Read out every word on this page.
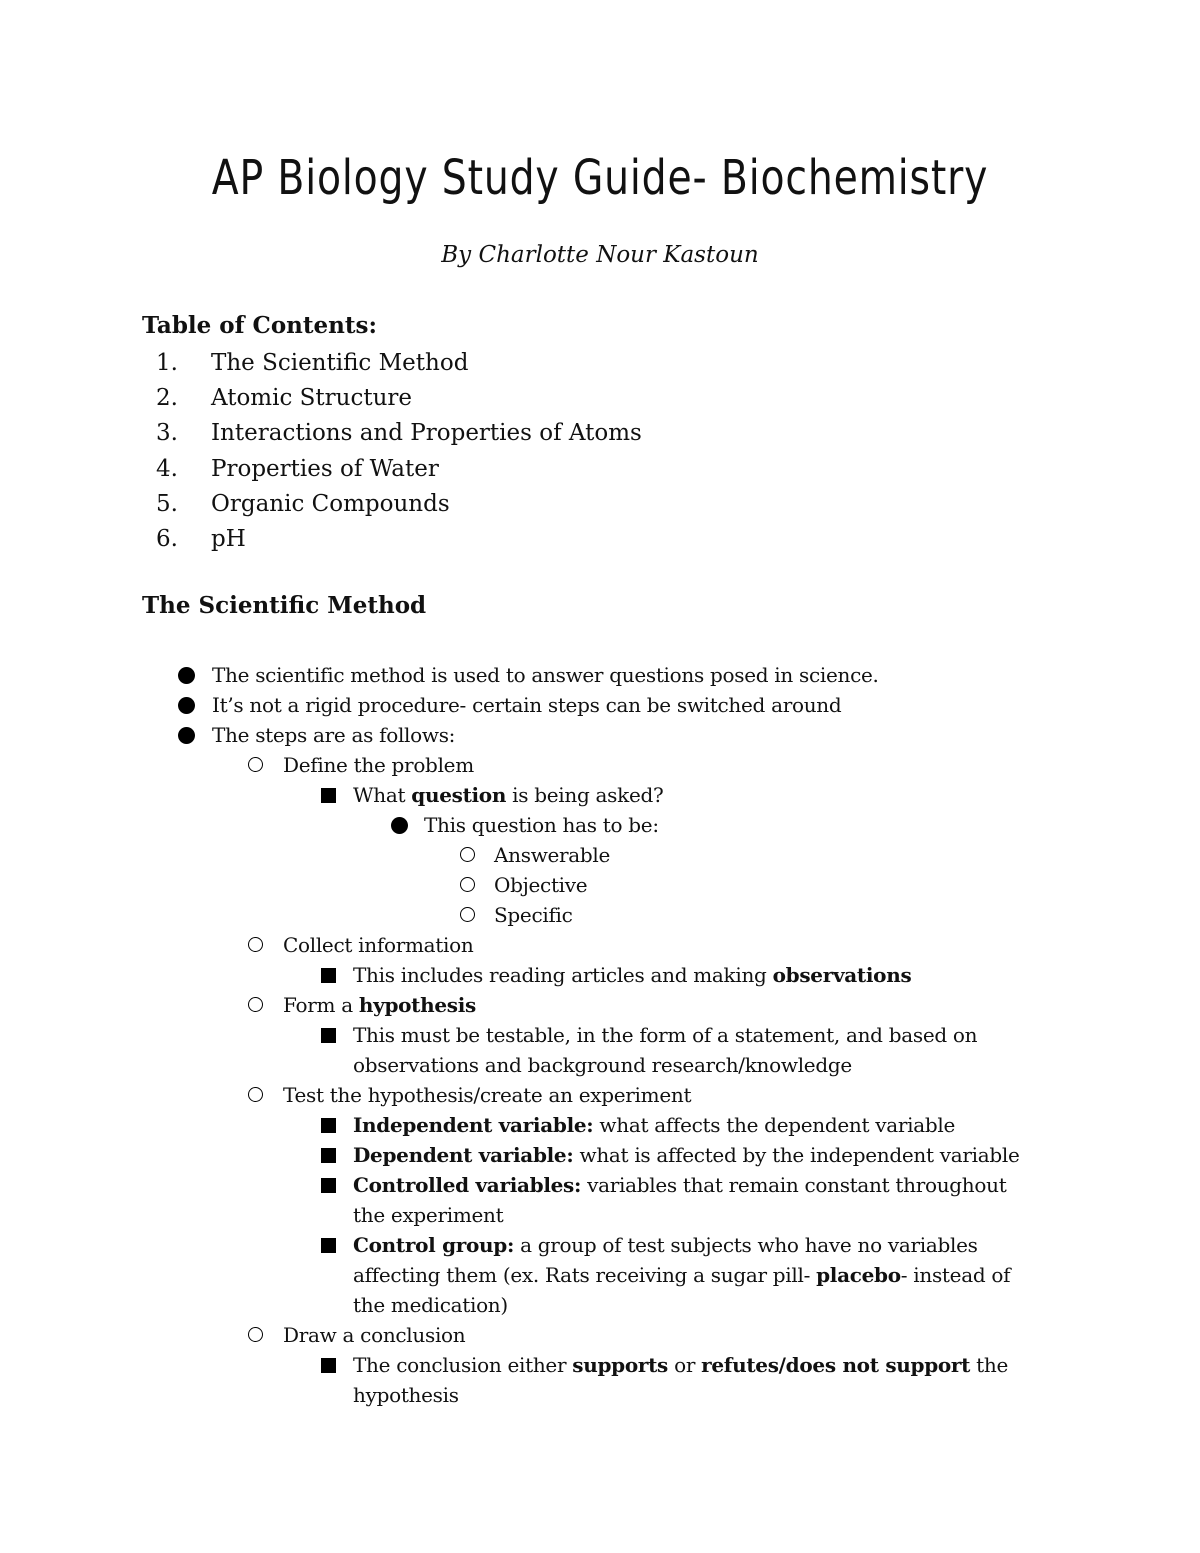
AP Biology Study Guide- Biochemistry
By Charlotte Nour Kastoun
Table of Contents:
1. The Scientific Method
2. Atomic Structure
3. Interactions and Properties of Atoms
4. Properties of Water
5. Organic Compounds
6. pH
The Scientific Method
The scientific method is used to answer questions posed in science.
It’s not a rigid procedure- certain steps can be switched around
The steps are as follows:
Define the problem
What question is being asked?
This question has to be:
Answerable
Objective
Specific
Collect information
This includes reading articles and making observations
Form a hypothesis
This must be testable, in the form of a statement, and based on
observations and background research/knowledge
Test the hypothesis/create an experiment
Independent variable: what affects the dependent variable
Dependent variable: what is affected by the independent variable
Controlled variables: variables that remain constant throughout
the experiment
Control group: a group of test subjects who have no variables
affecting them (ex. Rats receiving a sugar pill- placebo- instead of
the medication)
Draw a conclusion
The conclusion either supports or refutes/does not support the
hypothesis
